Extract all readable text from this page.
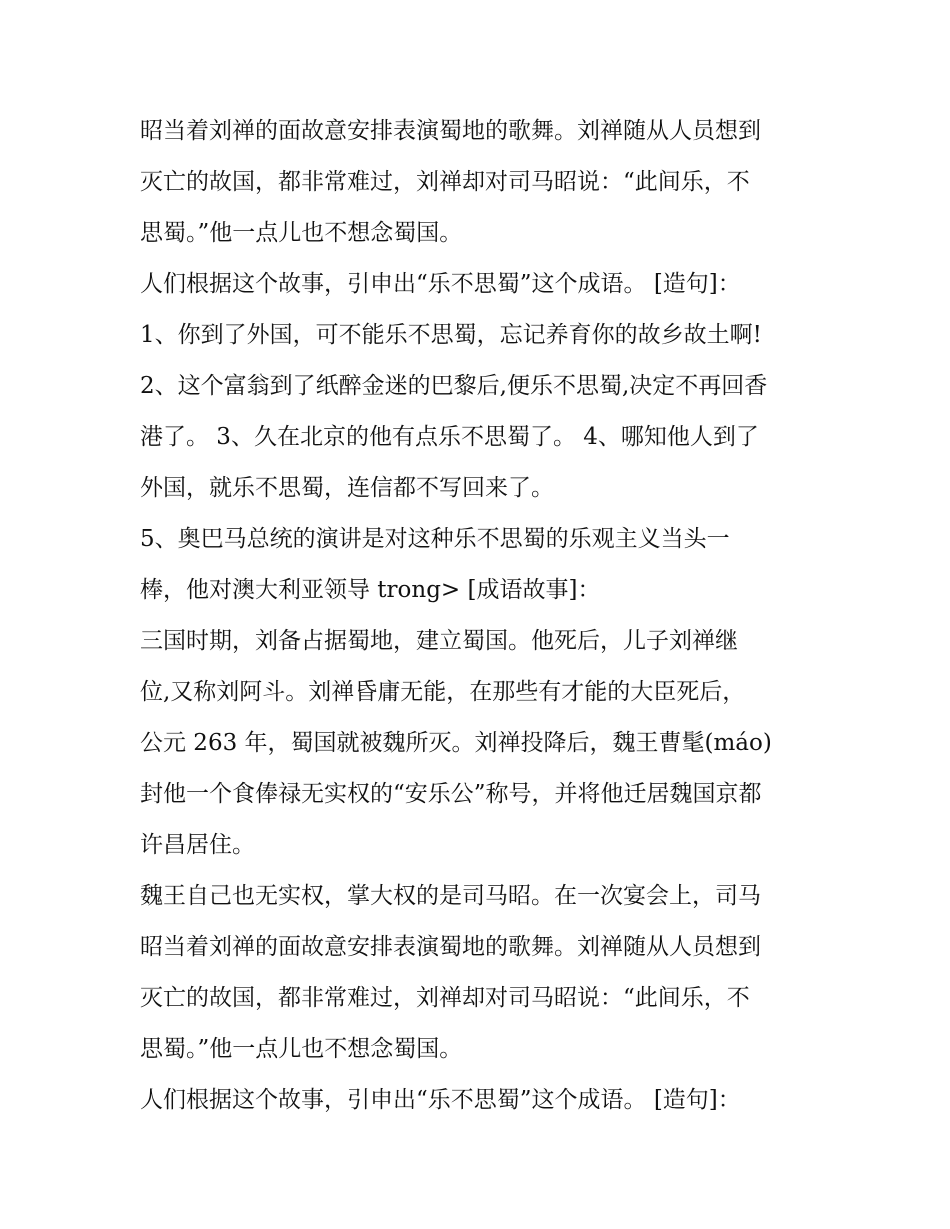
昭当着刘禅的面故意安排表演蜀地的歌舞。刘禅随从人员想到
灭亡的故国，都非常难过，刘禅却对司马昭说：“此间乐，不
思蜀。”他一点儿也不想念蜀国。
人们根据这个故事，引申出“乐不思蜀”这个成语。 [造句]：
1、你到了外国，可不能乐不思蜀，忘记养育你的故乡故土啊!
2、这个富翁到了纸醉金迷的巴黎后,便乐不思蜀,决定不再回香
港了。 3、久在北京的他有点乐不思蜀了。 4、哪知他人到了
外国，就乐不思蜀，连信都不写回来了。
5、奥巴马总统的演讲是对这种乐不思蜀的乐观主义当头一
棒，他对澳大利亚领导 trong> [成语故事]：
三国时期，刘备占据蜀地，建立蜀国。他死后，儿子刘禅继
位,又称刘阿斗。刘禅昏庸无能，在那些有才能的大臣死后，
公元 263 年，蜀国就被魏所灭。刘禅投降后，魏王曹髦(máo)
封他一个食俸禄无实权的“安乐公”称号，并将他迁居魏国京都
许昌居住。
魏王自己也无实权，掌大权的是司马昭。在一次宴会上，司马
昭当着刘禅的面故意安排表演蜀地的歌舞。刘禅随从人员想到
灭亡的故国，都非常难过，刘禅却对司马昭说：“此间乐，不
思蜀。”他一点儿也不想念蜀国。
人们根据这个故事，引申出“乐不思蜀”这个成语。 [造句]：
